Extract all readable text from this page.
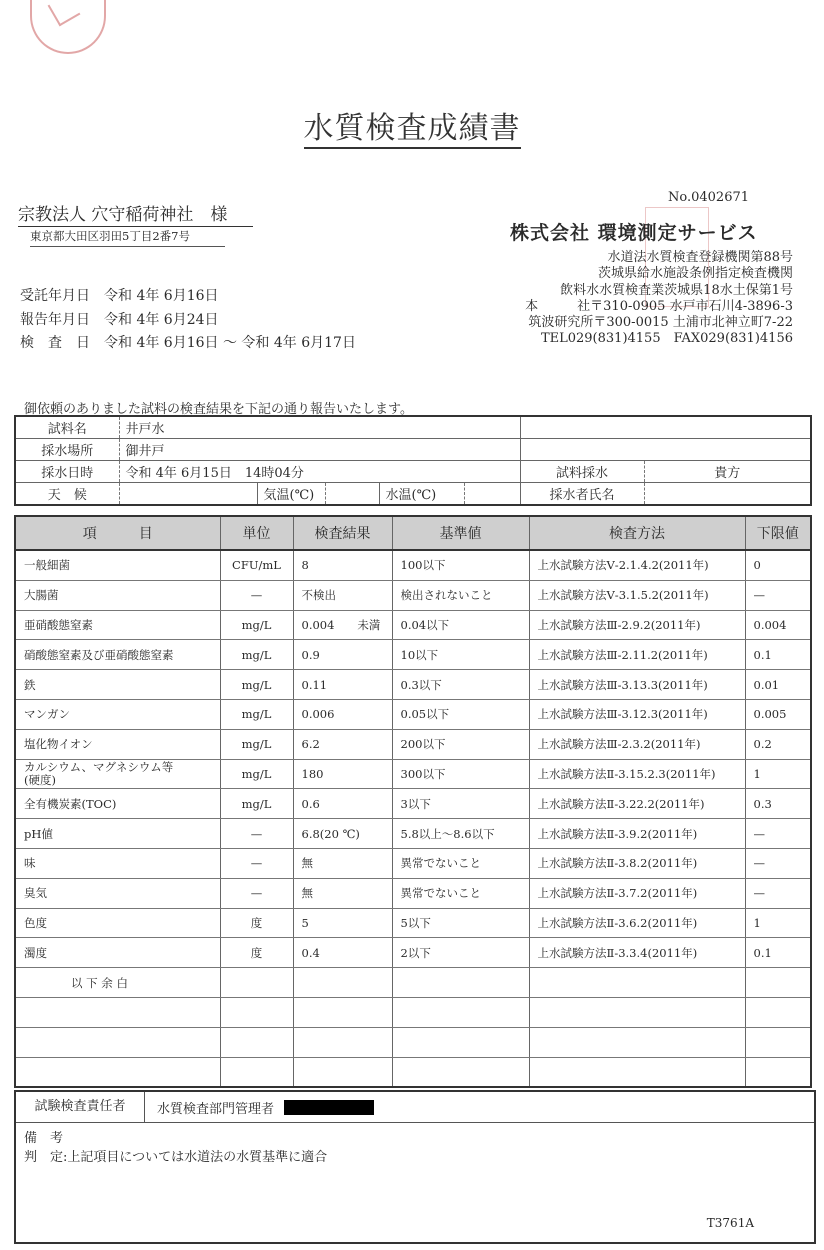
水質検査成績書
宗教法人 穴守稲荷神社　様
東京都大田区羽田5丁目2番7号
No.0402671
株式会社 環境測定サービス
水道法水質検査登録機関第88号
茨城県給水施設条例指定検査機関
飲料水水質検査業茨城県18水土保第1号
本　　　社〒310-0905 水戸市石川4-3896-3
筑波研究所〒300-0015 土浦市北神立町7-22
TEL029(831)4155　FAX029(831)4156
受託年月日	令和 4年 6月16日
報告年月日	令和 4年 6月24日
検　査　日	令和 4年 6月16日 ～ 令和 4年 6月17日
御依頼のありました試料の検査結果を下記の通り報告いたします。
試料名	井戸水						
採水場所	御井戸						
採水日時	令和 4年 6月15日　14時04分					試料採水	貴方
天　候		気温(℃)		水温(℃)		採水者氏名	
項　　　目	単位	検査結果	基準値	検査方法	下限値
一般細菌	CFU/mL	8	100以下	上水試験方法Ⅴ-2.1.4.2(2011年)	0
大腸菌	—	不検出	検出されないこと	上水試験方法Ⅴ-3.1.5.2(2011年)	—
亜硝酸態窒素	mg/L	0.004　　未満	0.04以下	上水試験方法Ⅲ-2.9.2(2011年)	0.004
硝酸態窒素及び亜硝酸態窒素	mg/L	0.9	10以下	上水試験方法Ⅲ-2.11.2(2011年)	0.1
鉄	mg/L	0.11	0.3以下	上水試験方法Ⅲ-3.13.3(2011年)	0.01
マンガン	mg/L	0.006	0.05以下	上水試験方法Ⅲ-3.12.3(2011年)	0.005
塩化物イオン	mg/L	6.2	200以下	上水試験方法Ⅲ-2.3.2(2011年)	0.2
カルシウム、マグネシウム等
(硬度)	mg/L	180	300以下	上水試験方法Ⅱ-3.15.2.3(2011年)	1
全有機炭素(TOC)	mg/L	0.6	3以下	上水試験方法Ⅱ-3.22.2(2011年)	0.3
pH値	—	6.8(20 ℃)	5.8以上～8.6以下	上水試験方法Ⅱ-3.9.2(2011年)	—
味	—	無	異常でないこと	上水試験方法Ⅱ-3.8.2(2011年)	—
臭気	—	無	異常でないこと	上水試験方法Ⅱ-3.7.2(2011年)	—
色度	度	5	5以下	上水試験方法Ⅱ-3.6.2(2011年)	1
濁度	度	0.4	2以下	上水試験方法Ⅱ-3.3.4(2011年)	0.1
以 下 余 白					

試験検査責任者	水質検査部門管理者
備　考
判　定:上記項目については水道法の水質基準に適合
T3761A
